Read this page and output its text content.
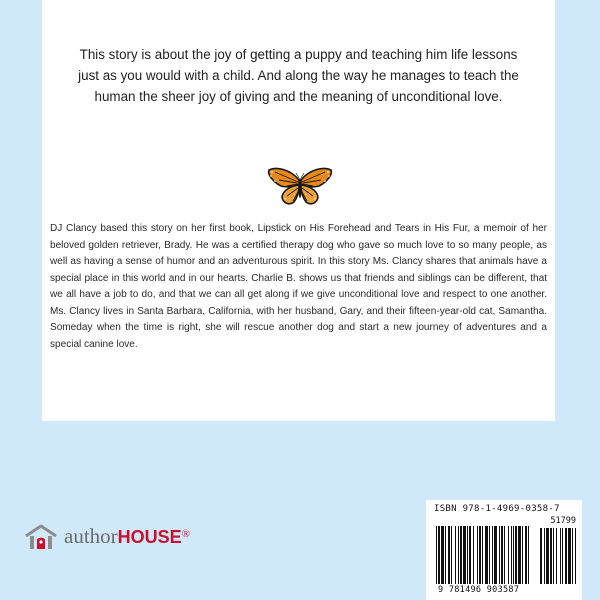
This story is about the joy of getting a puppy and teaching him life lessons just as you would with a child. And along the way he manages to teach the human the sheer joy of giving and the meaning of unconditional love.

DJ Clancy based this story on her first book, Lipstick on His Forehead and Tears in His Fur, a memoir of her beloved golden retriever, Brady. He was a certified therapy dog who gave so much love to so many people, as well as having a sense of humor and an adventurous spirit. In this story Ms. Clancy shares that animals have a special place in this world and in our hearts. Charlie B. shows us that friends and siblings can be different, that we all have a job to do, and that we can all get along if we give unconditional love and respect to one another. Ms. Clancy lives in Santa Barbara, California, with her husband, Gary, and their fifteen-year-old cat, Samantha. Someday when the time is right, she will rescue another dog and start a new journey of adventures and a special canine love.

authorHOUSE®
ISBN 978-1-4969-0358-7
51799
9 781496 903587
